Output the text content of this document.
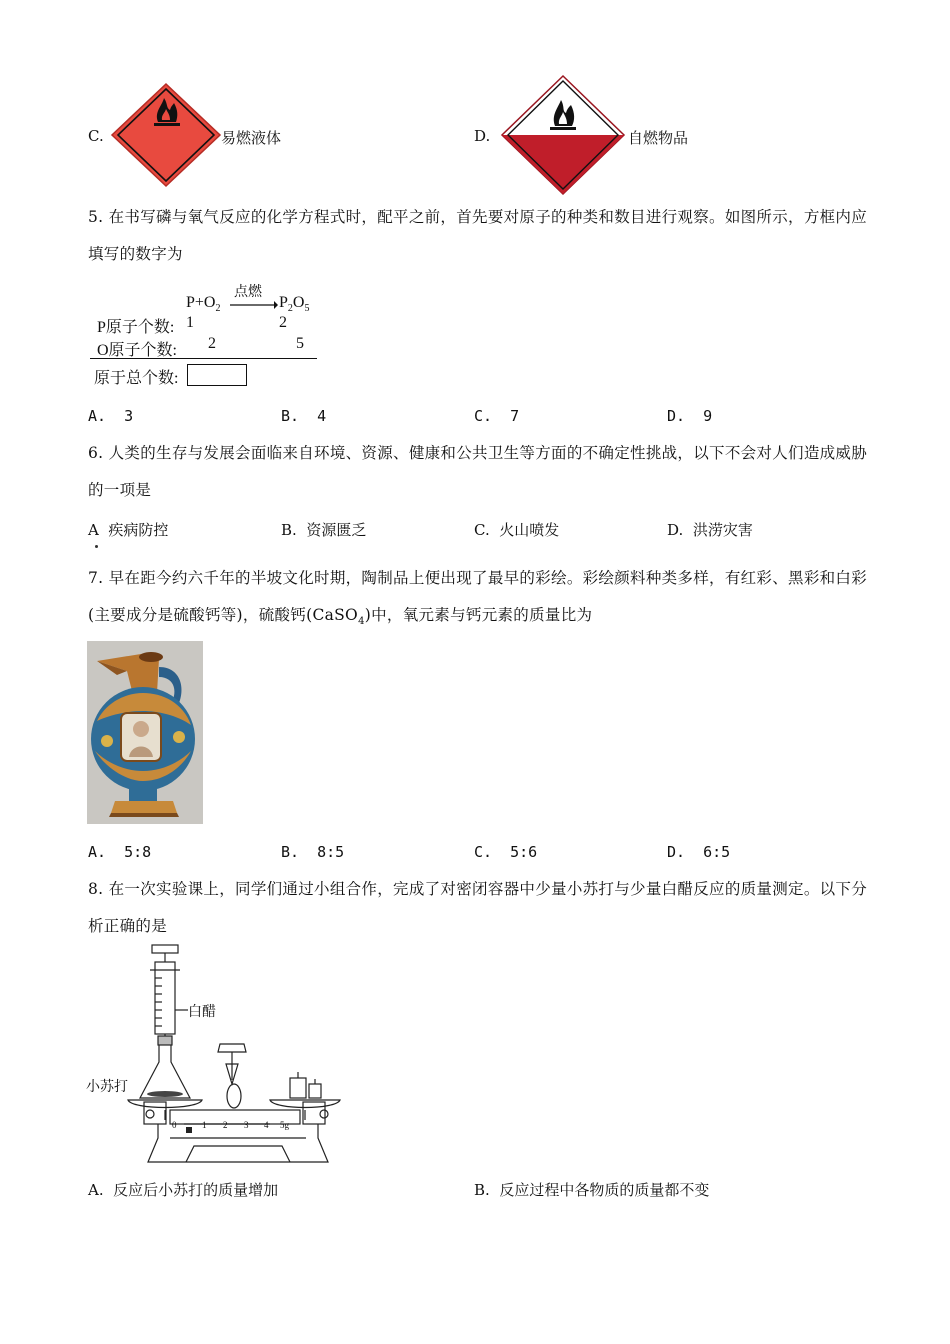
C.	易燃液体	D.	自燃物品
5. 在书写磷与氧气反应的化学方程式时，配平之前，首先要对原子的种类和数目进行观察。如图所示，方框内应填写的数字为
点燃
$P+O_2 \to P_2O_5$
P原子个数: 1	2
O原子个数: 2	5
原于总个数:
A. 3	B. 4	C. 7	D. 9
6. 人类的生存与发展会面临来自环境、资源、健康和公共卫生等方面的不确定性挑战，以下不会对人们造成威胁的一项是
A 疾病防控	B. 资源匮乏	C. 火山喷发	D. 洪涝灾害
7. 早在距今约六千年的半坡文化时期，陶制品上便出现了最早的彩绘。彩绘颜料种类多样，有红彩、黑彩和白彩(主要成分是硫酸钙等)，硫酸钙(CaSO$_4$)中，氧元素与钙元素的质量比为
A. 5:8	B. 8:5	C. 5:6	D. 6:5
8. 在一次实验课上，同学们通过小组合作，完成了对密闭容器中少量小苏打与少量白醋反应的质量测定。以下分析正确的是
白醋
小苏打
0	1 2 3 4 5g
A. 反应后小苏打的质量增加	B. 反应过程中各物质的质量都不变
